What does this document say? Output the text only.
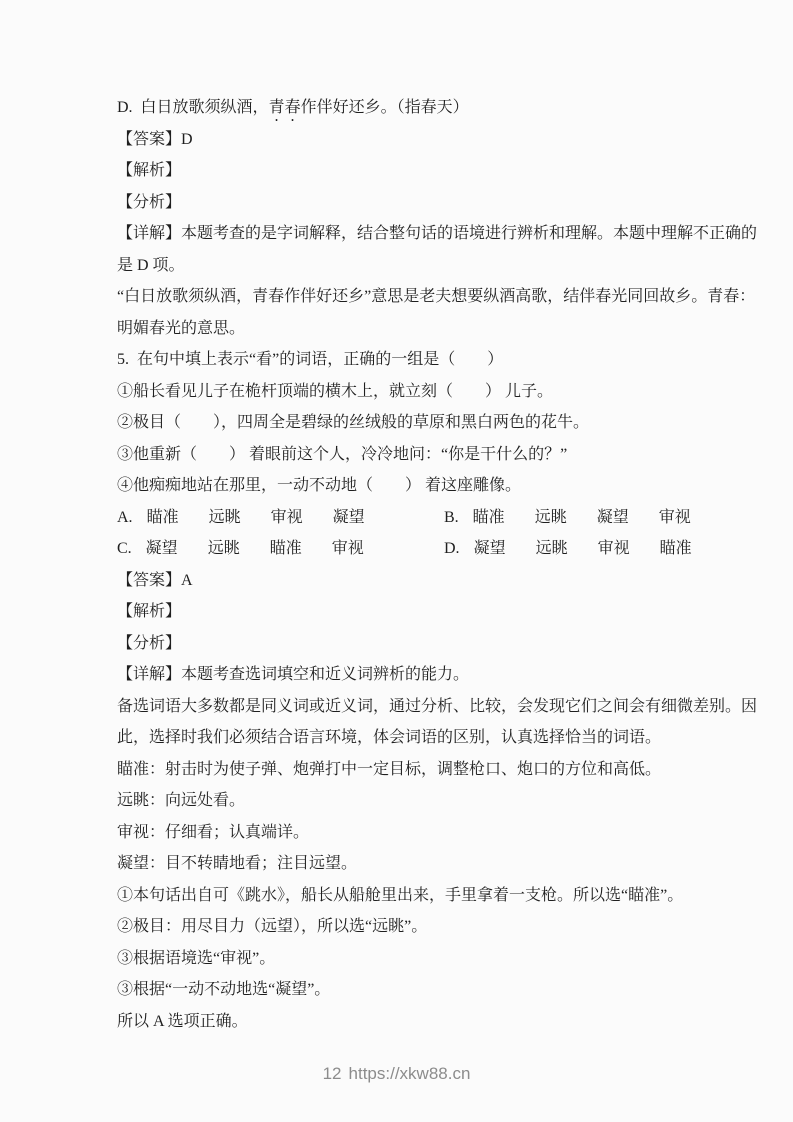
D.  白日放歌须纵酒，青春作伴好还乡。（指春天）
【答案】D
【解析】
【分析】
【详解】本题考查的是字词解释，结合整句话的语境进行辨析和理解。本题中理解不正确的
是 D 项。
“白日放歌须纵酒，青春作伴好还乡”意思是老夫想要纵酒高歌，结伴春光同回故乡。青春：
明媚春光的意思。
5.  在句中填上表示“看”的词语，正确的一组是（　　）
①船长看见儿子在桅杆顶端的横木上，就立刻（　　） 儿子。
②极目（　　），四周全是碧绿的丝绒般的草原和黑白两色的花牛。
③他重新（　　） 着眼前这个人，冷冷地问：“你是干什么的？”
④他痴痴地站在那里，一动不动地（　　） 着这座雕像。
A. 瞄准 远眺 审视 凝望	B. 瞄准 远眺 凝望 审视
C. 凝望 远眺 瞄准 审视	D. 凝望 远眺 审视 瞄准
【答案】A
【解析】
【分析】
【详解】本题考查选词填空和近义词辨析的能力。
备选词语大多数都是同义词或近义词，通过分析、比较，会发现它们之间会有细微差别。因
此，选择时我们必须结合语言环境，体会词语的区别，认真选择恰当的词语。
瞄准：射击时为使子弹、炮弹打中一定目标，调整枪口、炮口的方位和高低。
远眺：向远处看。
审视：仔细看；认真端详。
凝望：目不转睛地看；注目远望。
①本句话出自可《跳水》，船长从船舱里出来，手里拿着一支枪。所以选“瞄准”。
②极目：用尽目力（远望），所以选“远眺”。
③根据语境选“审视”。
③根据“一动不动地选“凝望”。
所以 A 选项正确。
12 https://xkw88.cn
